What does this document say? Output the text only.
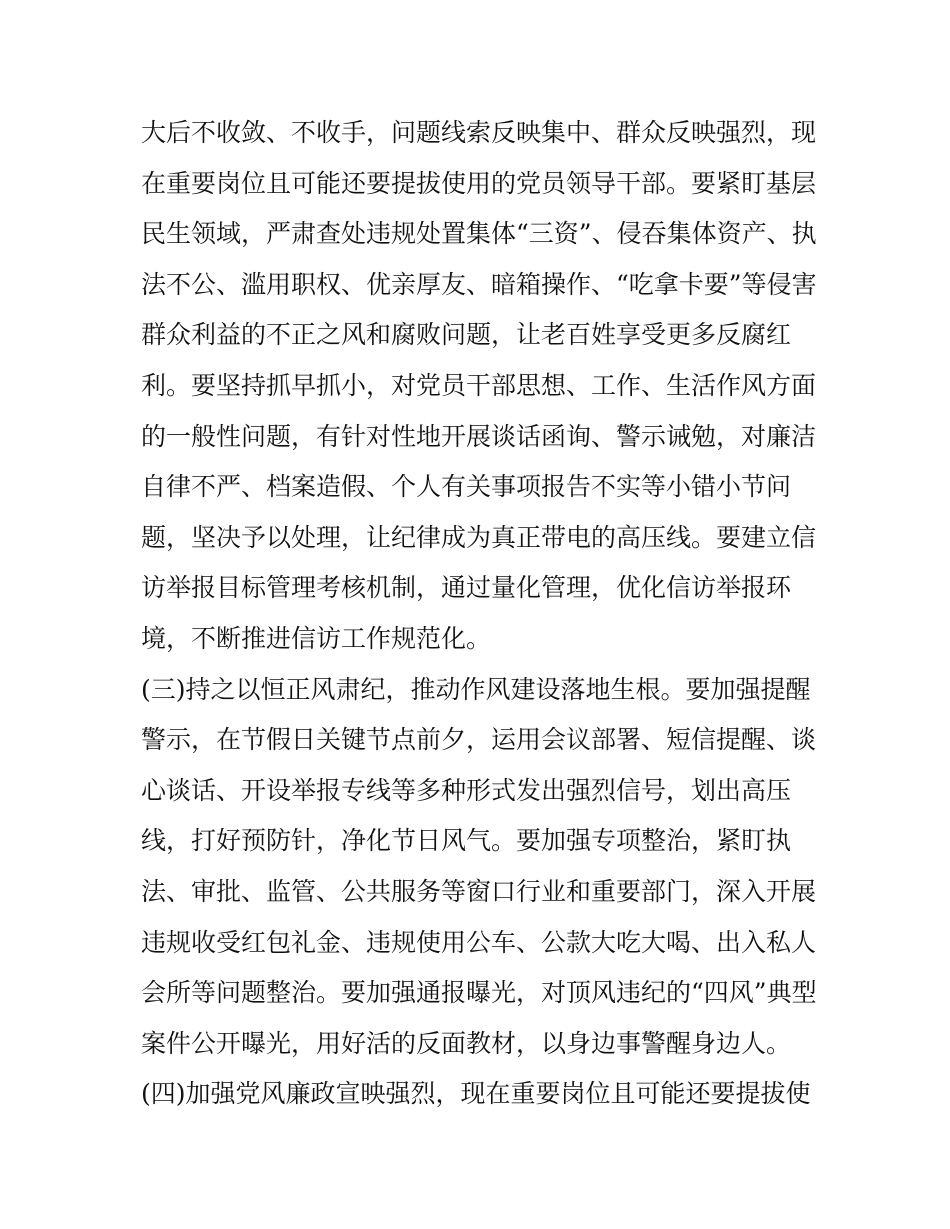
大后不收敛、不收手，问题线索反映集中、群众反映强烈，现
在重要岗位且可能还要提拔使用的党员领导干部。要紧盯基层
民生领域，严肃查处违规处置集体“三资”、侵吞集体资产、执
法不公、滥用职权、优亲厚友、暗箱操作、“吃拿卡要”等侵害
群众利益的不正之风和腐败问题，让老百姓享受更多反腐红
利。要坚持抓早抓小，对党员干部思想、工作、生活作风方面
的一般性问题，有针对性地开展谈话函询、警示诫勉，对廉洁
自律不严、档案造假、个人有关事项报告不实等小错小节问
题，坚决予以处理，让纪律成为真正带电的高压线。要建立信
访举报目标管理考核机制，通过量化管理，优化信访举报环
境，不断推进信访工作规范化。
(三)持之以恒正风肃纪，推动作风建设落地生根。要加强提醒
警示，在节假日关键节点前夕，运用会议部署、短信提醒、谈
心谈话、开设举报专线等多种形式发出强烈信号，划出高压
线，打好预防针，净化节日风气。要加强专项整治，紧盯执
法、审批、监管、公共服务等窗口行业和重要部门，深入开展
违规收受红包礼金、违规使用公车、公款大吃大喝、出入私人
会所等问题整治。要加强通报曝光，对顶风违纪的“四风”典型
案件公开曝光，用好活的反面教材，以身边事警醒身边人。
(四)加强党风廉政宣映强烈，现在重要岗位且可能还要提拔使
